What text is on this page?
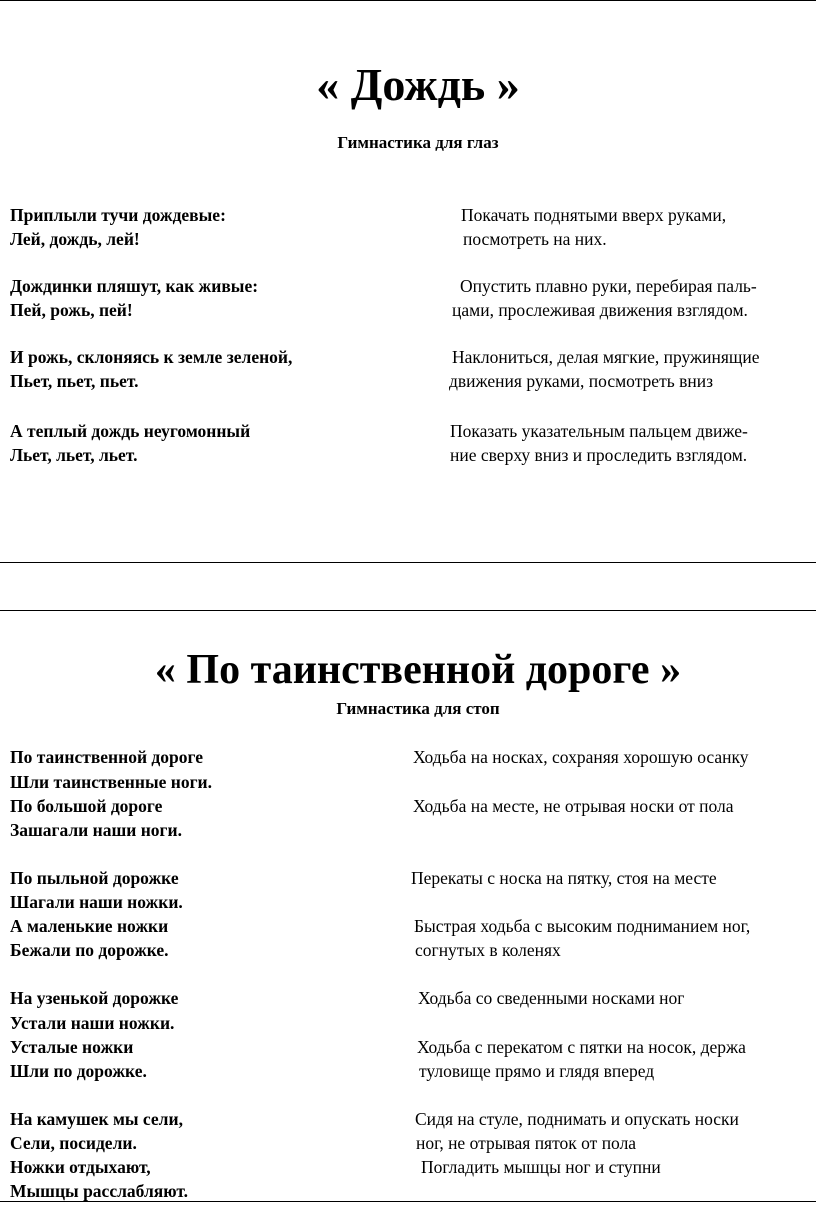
« Дождь »
Гимнастика для глаз
Приплыли тучи дождевые:
Лей, дождь, лей!
Дождинки пляшут, как живые:
Пей, рожь, пей!
И рожь, склоняясь к земле зеленой,
Пьет, пьет, пьет.
А теплый дождь неугомонный
Льет, льет, льет.
Покачать поднятыми вверх руками,
посмотреть на них.
Опустить плавно руки, перебирая паль-
цами, прослеживая движения взглядом.
Наклониться, делая мягкие, пружинящие
движения руками, посмотреть вниз
Показать указательным пальцем движе-
ние сверху вниз и проследить взглядом.
« По таинственной дороге »
Гимнастика для стоп
По таинственной дороге
Шли таинственные ноги.
По большой дороге
Зашагали наши ноги.
По пыльной дорожке
Шагали наши ножки.
А маленькие ножки
Бежали по дорожке.
На узенькой дорожке
Устали наши ножки.
Усталые ножки
Шли по дорожке.
На камушек мы сели,
Сели, посидели.
Ножки отдыхают,
Мышцы расслабляют.
Ходьба на носках, сохраняя хорошую осанку
Ходьба на месте, не отрывая носки от пола
Перекаты с носка на пятку, стоя на месте
Быстрая ходьба с высоким подниманием ног,
согнутых в коленях
Ходьба со сведенными носками ног
Ходьба с перекатом с пятки на носок, держа
туловище прямо и глядя вперед
Сидя на стуле, поднимать и опускать носки
ног, не отрывая пяток от пола
Погладить мышцы ног и ступни
